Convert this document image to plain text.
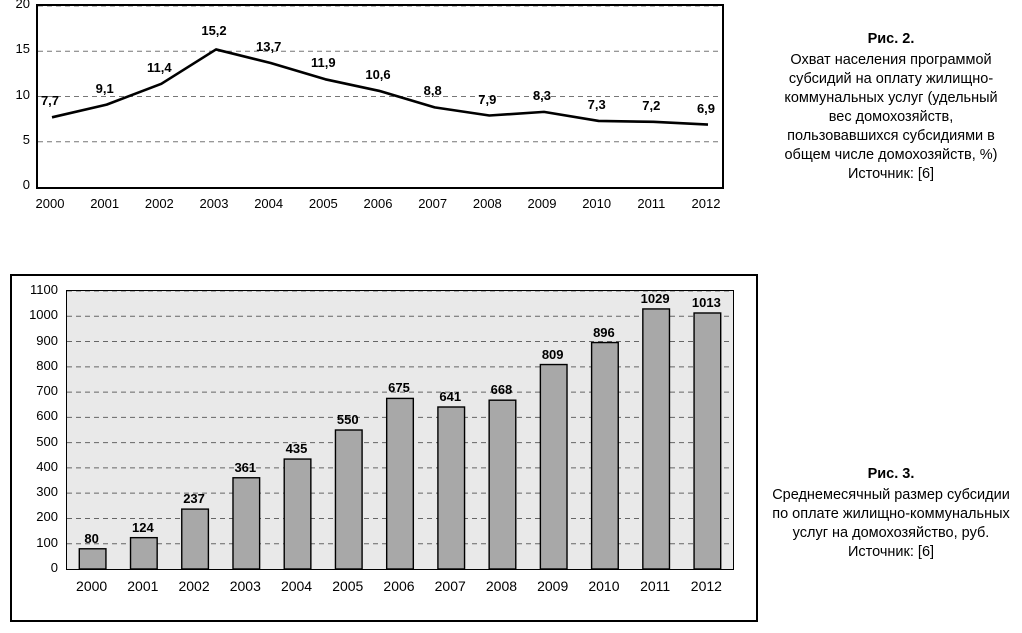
0
5
10
15
20
2000	2001	2002	2003	2004	2005	2006	2007	2008	2009	2010	2011	2012
7,7
9,1
11,4
15,2
13,7
11,9
10,6
8,8
7,9	8,3
7,3	7,2	6,9
Рис. 2.
Охват населения программой субсидий на оплату жилищно-коммунальных услуг (удельный вес домохозяйств, пользовавшихся субсидиями в общем числе домохозяйств, %)
Источник: [6]
0
100
200
300
400
500
600
700
800
900
1000
1100
2000	2001	2002	2003	2004	2005	2006	2007	2008	2009	2010	2011	2012
80
124
237
361
435
550
675
641	668
809
896
1029	1013
Рис. 3.
Среднемесячный размер субсидии по оплате жилищно-коммунальных услуг на домохозяйство, руб.
Источник: [6]
